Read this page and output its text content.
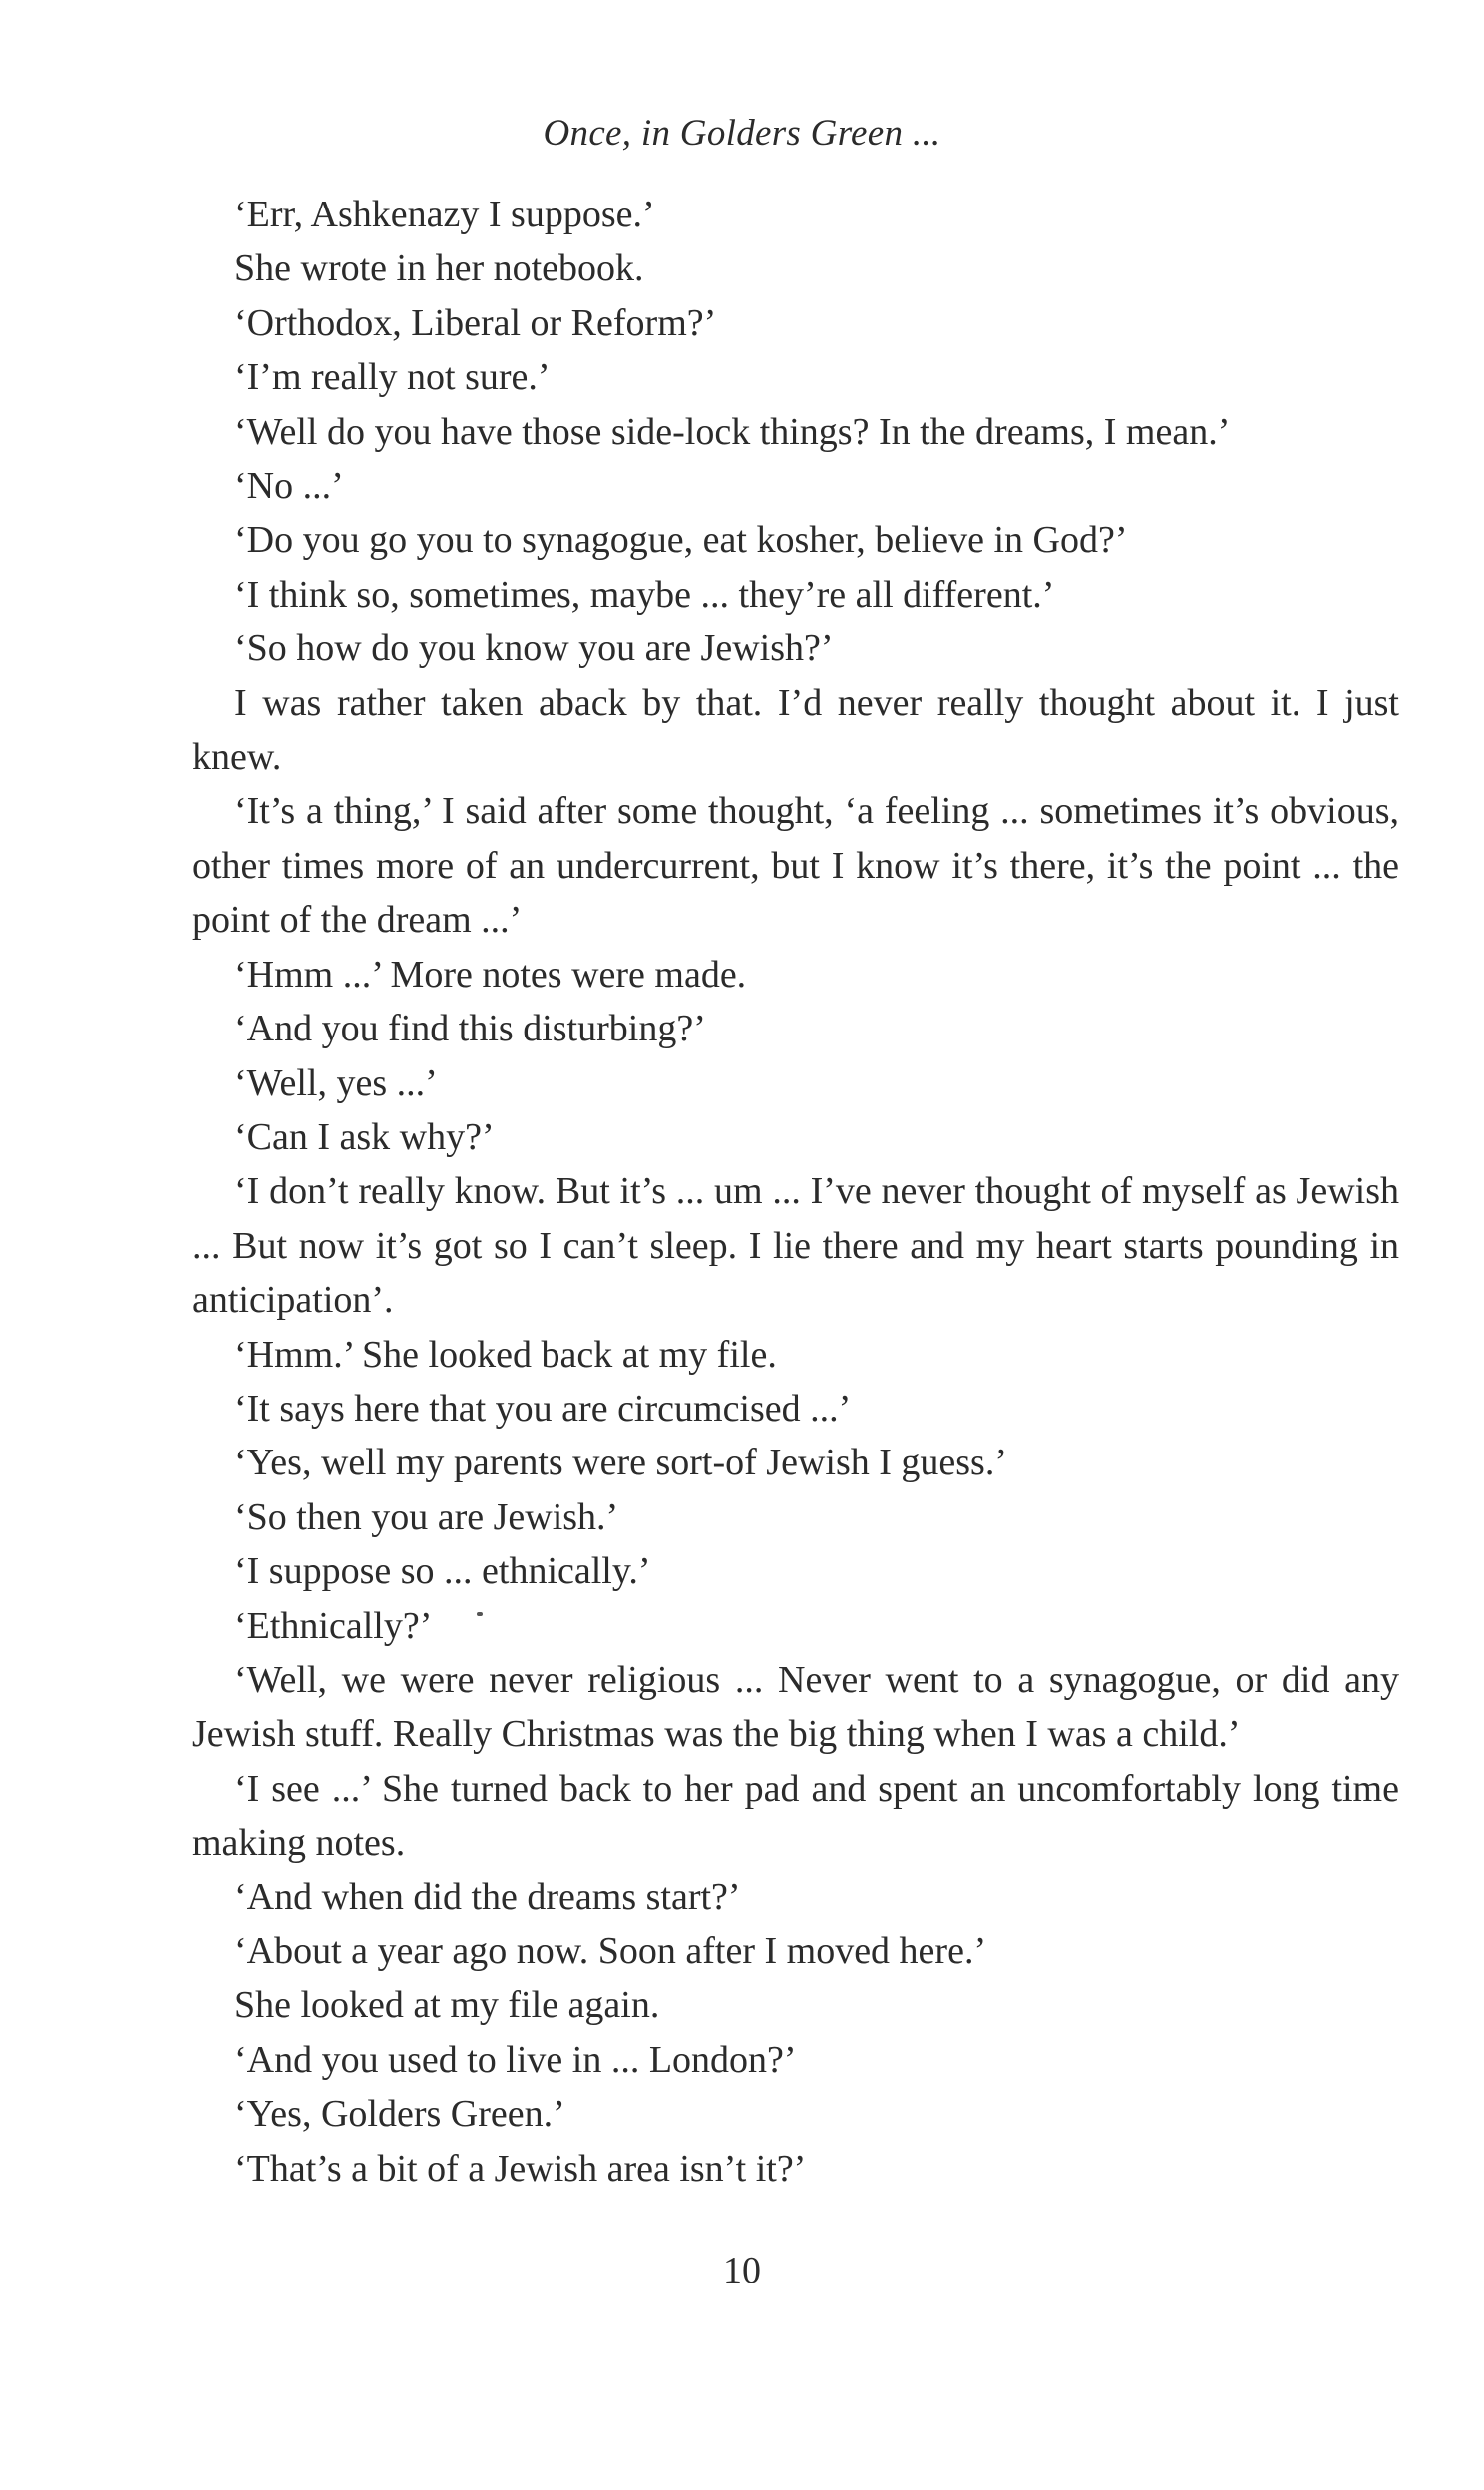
Once, in Golders Green ...

‘Err, Ashkenazy I suppose.’

She wrote in her notebook.

‘Orthodox, Liberal or Reform?’

‘I’m really not sure.’

‘Well do you have those side-lock things? In the dreams, I mean.’

‘No ...’

‘Do you go you to synagogue, eat kosher, believe in God?’

‘I think so, sometimes, maybe ... they’re all different.’

‘So how do you know you are Jewish?’

I was rather taken aback by that. I’d never really thought about it. I just knew.

‘It’s a thing,’ I said after some thought, ‘a feeling ... sometimes it’s obvious, other times more of an undercurrent, but I know it’s there, it’s the point ... the point of the dream ...’

‘Hmm ...’ More notes were made.

‘And you find this disturbing?’

‘Well, yes ...’

‘Can I ask why?’

‘I don’t really know. But it’s ... um ... I’ve never thought of myself as Jewish ... But now it’s got so I can’t sleep. I lie there and my heart starts pounding in anticipation’.

‘Hmm.’ She looked back at my file.

‘It says here that you are circumcised ...’

‘Yes, well my parents were sort-of Jewish I guess.’

‘So then you are Jewish.’

‘I suppose so ... ethnically.’

‘Ethnically?’

‘Well, we were never religious ... Never went to a synagogue, or did any Jewish stuff. Really Christmas was the big thing when I was a child.’

‘I see ...’ She turned back to her pad and spent an uncomfortably long time making notes.

‘And when did the dreams start?’

‘About a year ago now. Soon after I moved here.’

She looked at my file again.

‘And you used to live in ... London?’

‘Yes, Golders Green.’

‘That’s a bit of a Jewish area isn’t it?’

10
